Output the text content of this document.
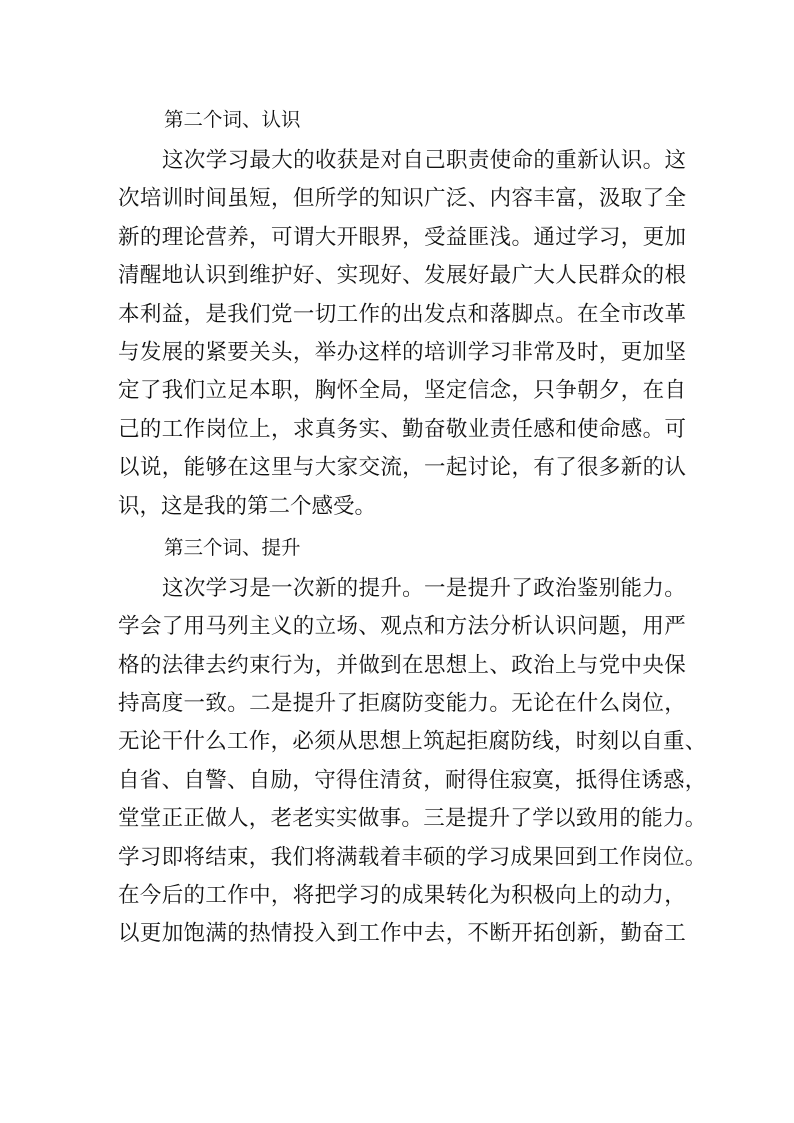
第二个词、认识
这次学习最大的收获是对自己职责使命的重新认识。这
次培训时间虽短，但所学的知识广泛、内容丰富，汲取了全
新的理论营养，可谓大开眼界，受益匪浅。通过学习，更加
清醒地认识到维护好、实现好、发展好最广大人民群众的根
本利益，是我们党一切工作的出发点和落脚点。在全市改革
与发展的紧要关头，举办这样的培训学习非常及时，更加坚
定了我们立足本职，胸怀全局，坚定信念，只争朝夕，在自
己的工作岗位上，求真务实、勤奋敬业责任感和使命感。可
以说，能够在这里与大家交流，一起讨论，有了很多新的认
识，这是我的第二个感受。
第三个词、提升
这次学习是一次新的提升。一是提升了政治鉴别能力。
学会了用马列主义的立场、观点和方法分析认识问题，用严
格的法律去约束行为，并做到在思想上、政治上与党中央保
持高度一致。二是提升了拒腐防变能力。无论在什么岗位，
无论干什么工作，必须从思想上筑起拒腐防线，时刻以自重、
自省、自警、自励，守得住清贫，耐得住寂寞，抵得住诱惑，
堂堂正正做人，老老实实做事。三是提升了学以致用的能力。
学习即将结束，我们将满载着丰硕的学习成果回到工作岗位。
在今后的工作中，将把学习的成果转化为积极向上的动力，
以更加饱满的热情投入到工作中去，不断开拓创新，勤奋工
